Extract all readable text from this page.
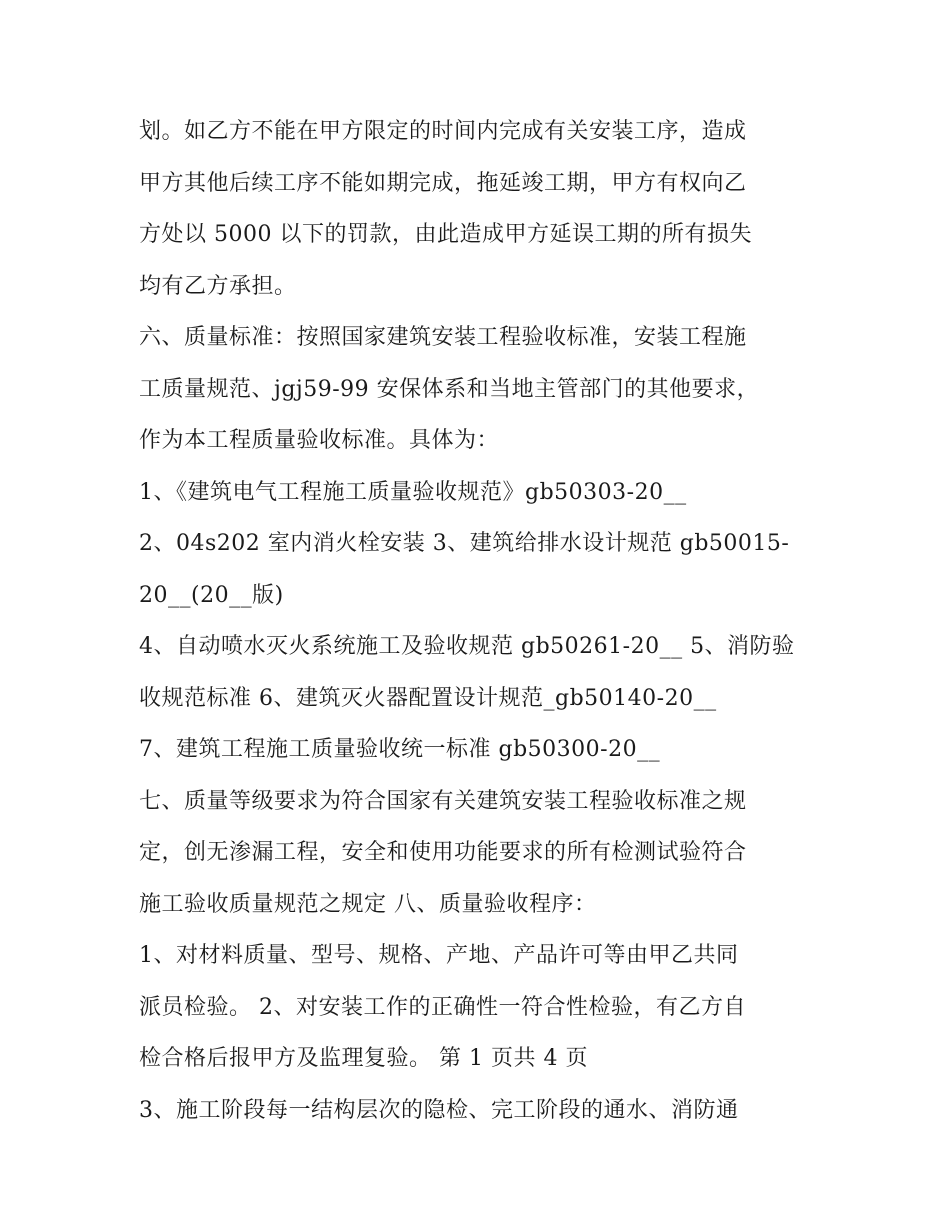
划。如乙方不能在甲方限定的时间内完成有关安装工序，造成
甲方其他后续工序不能如期完成，拖延竣工期，甲方有权向乙
方处以 5000 以下的罚款，由此造成甲方延误工期的所有损失
均有乙方承担。
六、质量标准：按照国家建筑安装工程验收标准，安装工程施
工质量规范、jgj59-99 安保体系和当地主管部门的其他要求，
作为本工程质量验收标准。具体为：
1、《建筑电气工程施工质量验收规范》gb50303-20__
2、04s202 室内消火栓安装 3、建筑给排水设计规范 gb50015-
20__(20__版)
4、自动喷水灭火系统施工及验收规范 gb50261-20__ 5、消防验
收规范标准 6、建筑灭火器配置设计规范_gb50140-20__
7、建筑工程施工质量验收统一标准 gb50300-20__
七、质量等级要求为符合国家有关建筑安装工程验收标准之规
定，创无渗漏工程，安全和使用功能要求的所有检测试验符合
施工验收质量规范之规定 八、质量验收程序：
1、对材料质量、型号、规格、产地、产品许可等由甲乙共同
派员检验。 2、对安装工作的正确性一符合性检验，有乙方自
检合格后报甲方及监理复验。 第 1 页共 4 页
3、施工阶段每一结构层次的隐检、完工阶段的通水、消防通
